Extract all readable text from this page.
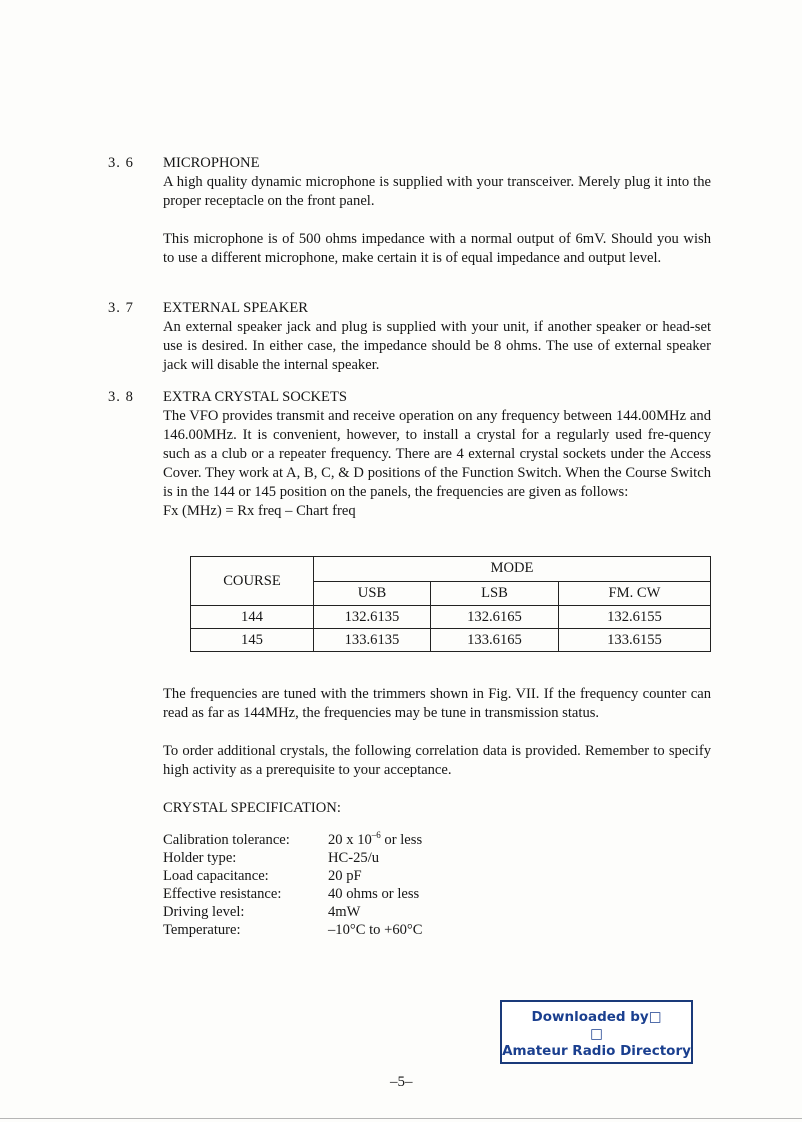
3. 6 MICROPHONE

A high quality dynamic microphone is supplied with your transceiver. Merely plug it into the proper receptacle on the front panel.

This microphone is of 500 ohms impedance with a normal output of 6mV. Should you wish to use a different microphone, make certain it is of equal impedance and output level.

3. 7 EXTERNAL SPEAKER

An external speaker jack and plug is supplied with your unit, if another speaker or head-set use is desired. In either case, the impedance should be 8 ohms. The use of external speaker jack will disable the internal speaker.

3. 8 EXTRA CRYSTAL SOCKETS

The VFO provides transmit and receive operation on any frequency between 144.00MHz and 146.00MHz. It is convenient, however, to install a crystal for a regularly used fre-quency such as a club or a repeater frequency. There are 4 external crystal sockets under the Access Cover. They work at A, B, C, & D positions of the Function Switch. When the Course Switch is in the 144 or 145 position on the panels, the frequencies are given as follows:

Fx (MHz) = Rx freq – Chart freq
COURSE	MODE		
	USB	LSB	FM. CW
144	132.6135	132.6165	132.6155
145	133.6135	133.6165	133.6155

The frequencies are tuned with the trimmers shown in Fig. VII. If the frequency counter can read as far as 144MHz, the frequencies may be tune in transmission status.

To order additional crystals, the following correlation data is provided. Remember to specify high activity as a prerequisite to your acceptance.

CRYSTAL SPECIFICATION:
Calibration tolerance:	20 x $10^{-6}$ or less
Holder type:	HC-25/u
Load capacitance:	20 pF
Effective resistance:	40 ohms or less
Driving level:	4mW
Temperature:	–10°C to +60°C
Downloaded by□
□
Amateur Radio Directory
–5–
